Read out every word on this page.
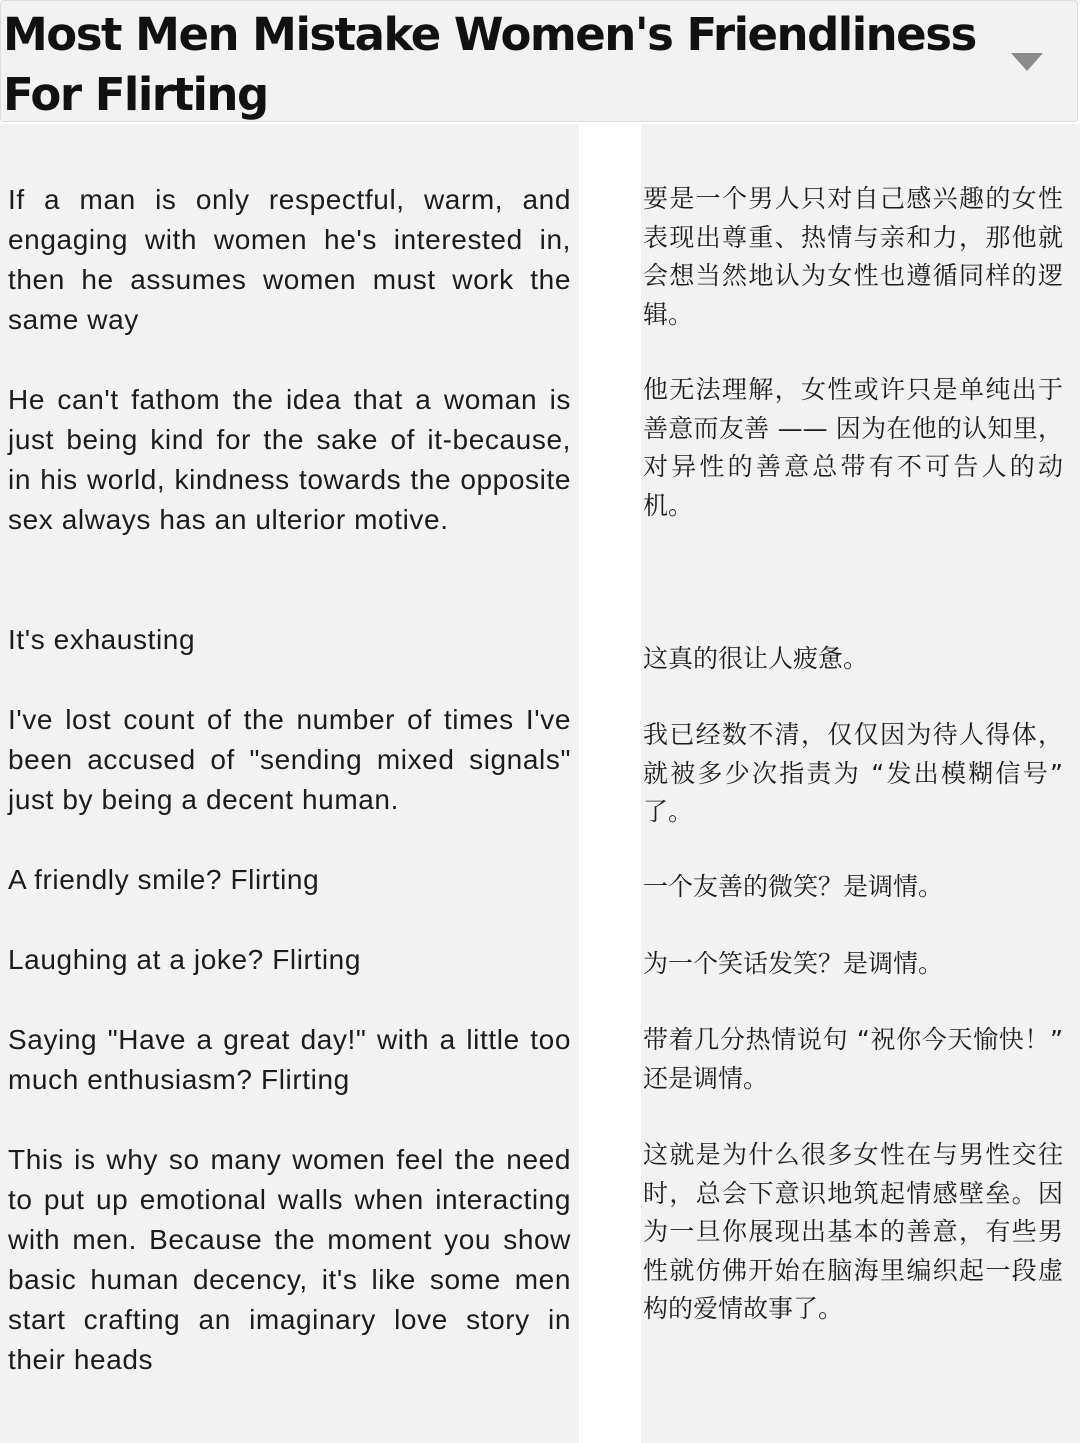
Most Men Mistake Women's Friendliness For Flirting

If a man is only respectful, warm, and engaging with women he's interested in, then he assumes women must work the same way

He can't fathom the idea that a woman is just being kind for the sake of it-because, in his world, kindness towards the opposite sex always has an ulterior motive.

It's exhausting

I've lost count of the number of times I've been accused of "sending mixed signals" just by being a decent human.

A friendly smile? Flirting

Laughing at a joke? Flirting

Saying "Have a great day!" with a little too much enthusiasm? Flirting

This is why so many women feel the need to put up emotional walls when interacting with men. Because the moment you show basic human decency, it's like some men start crafting an imaginary love story in their heads

要是一个男人只对自己感兴趣的女性表现出尊重、热情与亲和力，那他就会想当然地认为女性也遵循同样的逻辑。

他无法理解，女性或许只是单纯出于善意而友善 —— 因为在他的认知里，对异性的善意总带有不可告人的动机。

这真的很让人疲惫。

我已经数不清，仅仅因为待人得体，就被多少次指责为 “发出模糊信号” 了。

一个友善的微笑？是调情。

为一个笑话发笑？是调情。

带着几分热情说句 “祝你今天愉快！” 还是调情。

这就是为什么很多女性在与男性交往时，总会下意识地筑起情感壁垒。因为一旦你展现出基本的善意，有些男性就仿佛开始在脑海里编织起一段虚构的爱情故事了。
